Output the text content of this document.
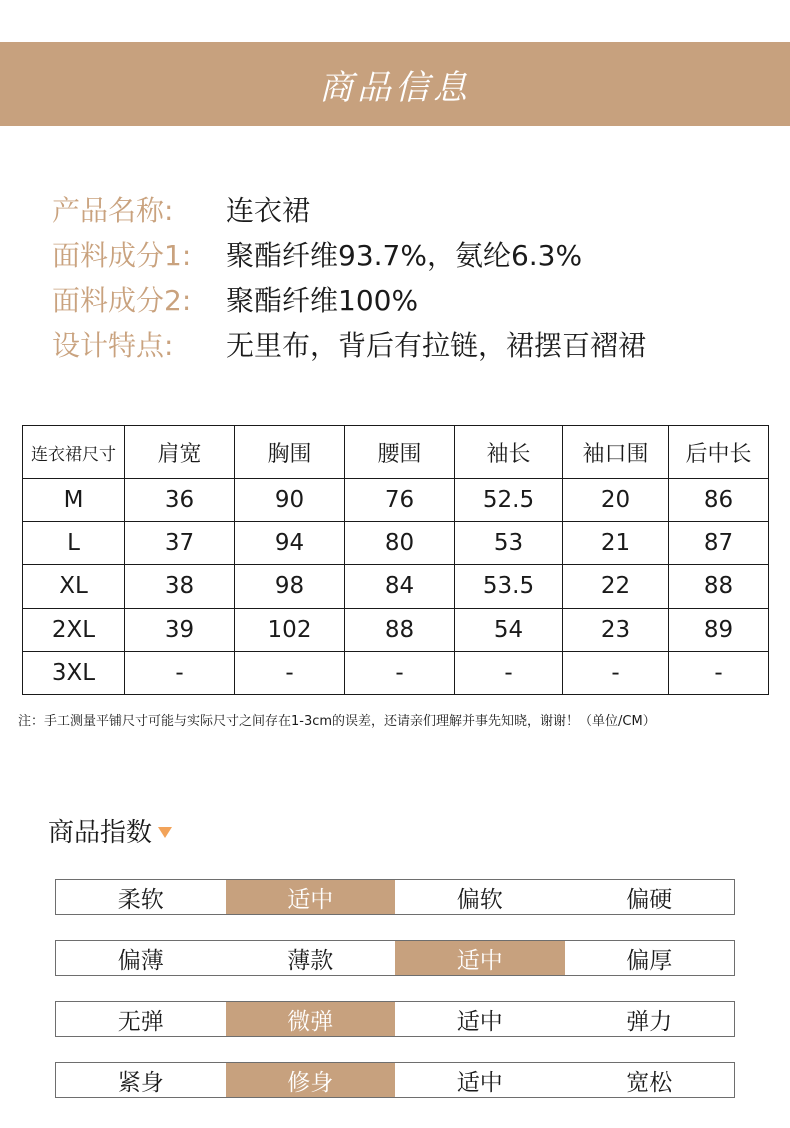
商品信息
产品名称:	连衣裙
面料成分1:	聚酯纤维93.7%，氨纶6.3%
面料成分2:	聚酯纤维100%
设计特点:	无里布，背后有拉链，裙摆百褶裙
连衣裙尺寸	肩宽	胸围	腰围	袖长	袖口围	后中长
M	36	90	76	52.5	20	86
L	37	94	80	53	21	87
XL	38	98	84	53.5	22	88
2XL	39	102	88	54	23	89
3XL	-	-	-	-	-	-
注：手工测量平铺尺寸可能与实际尺寸之间存在1-3cm的误差，还请亲们理解并事先知晓，谢谢！（单位/CM）
商品指数
柔软	适中	偏软	偏硬
偏薄	薄款	适中	偏厚
无弹	微弹	适中	弹力
紧身	修身	适中	宽松
